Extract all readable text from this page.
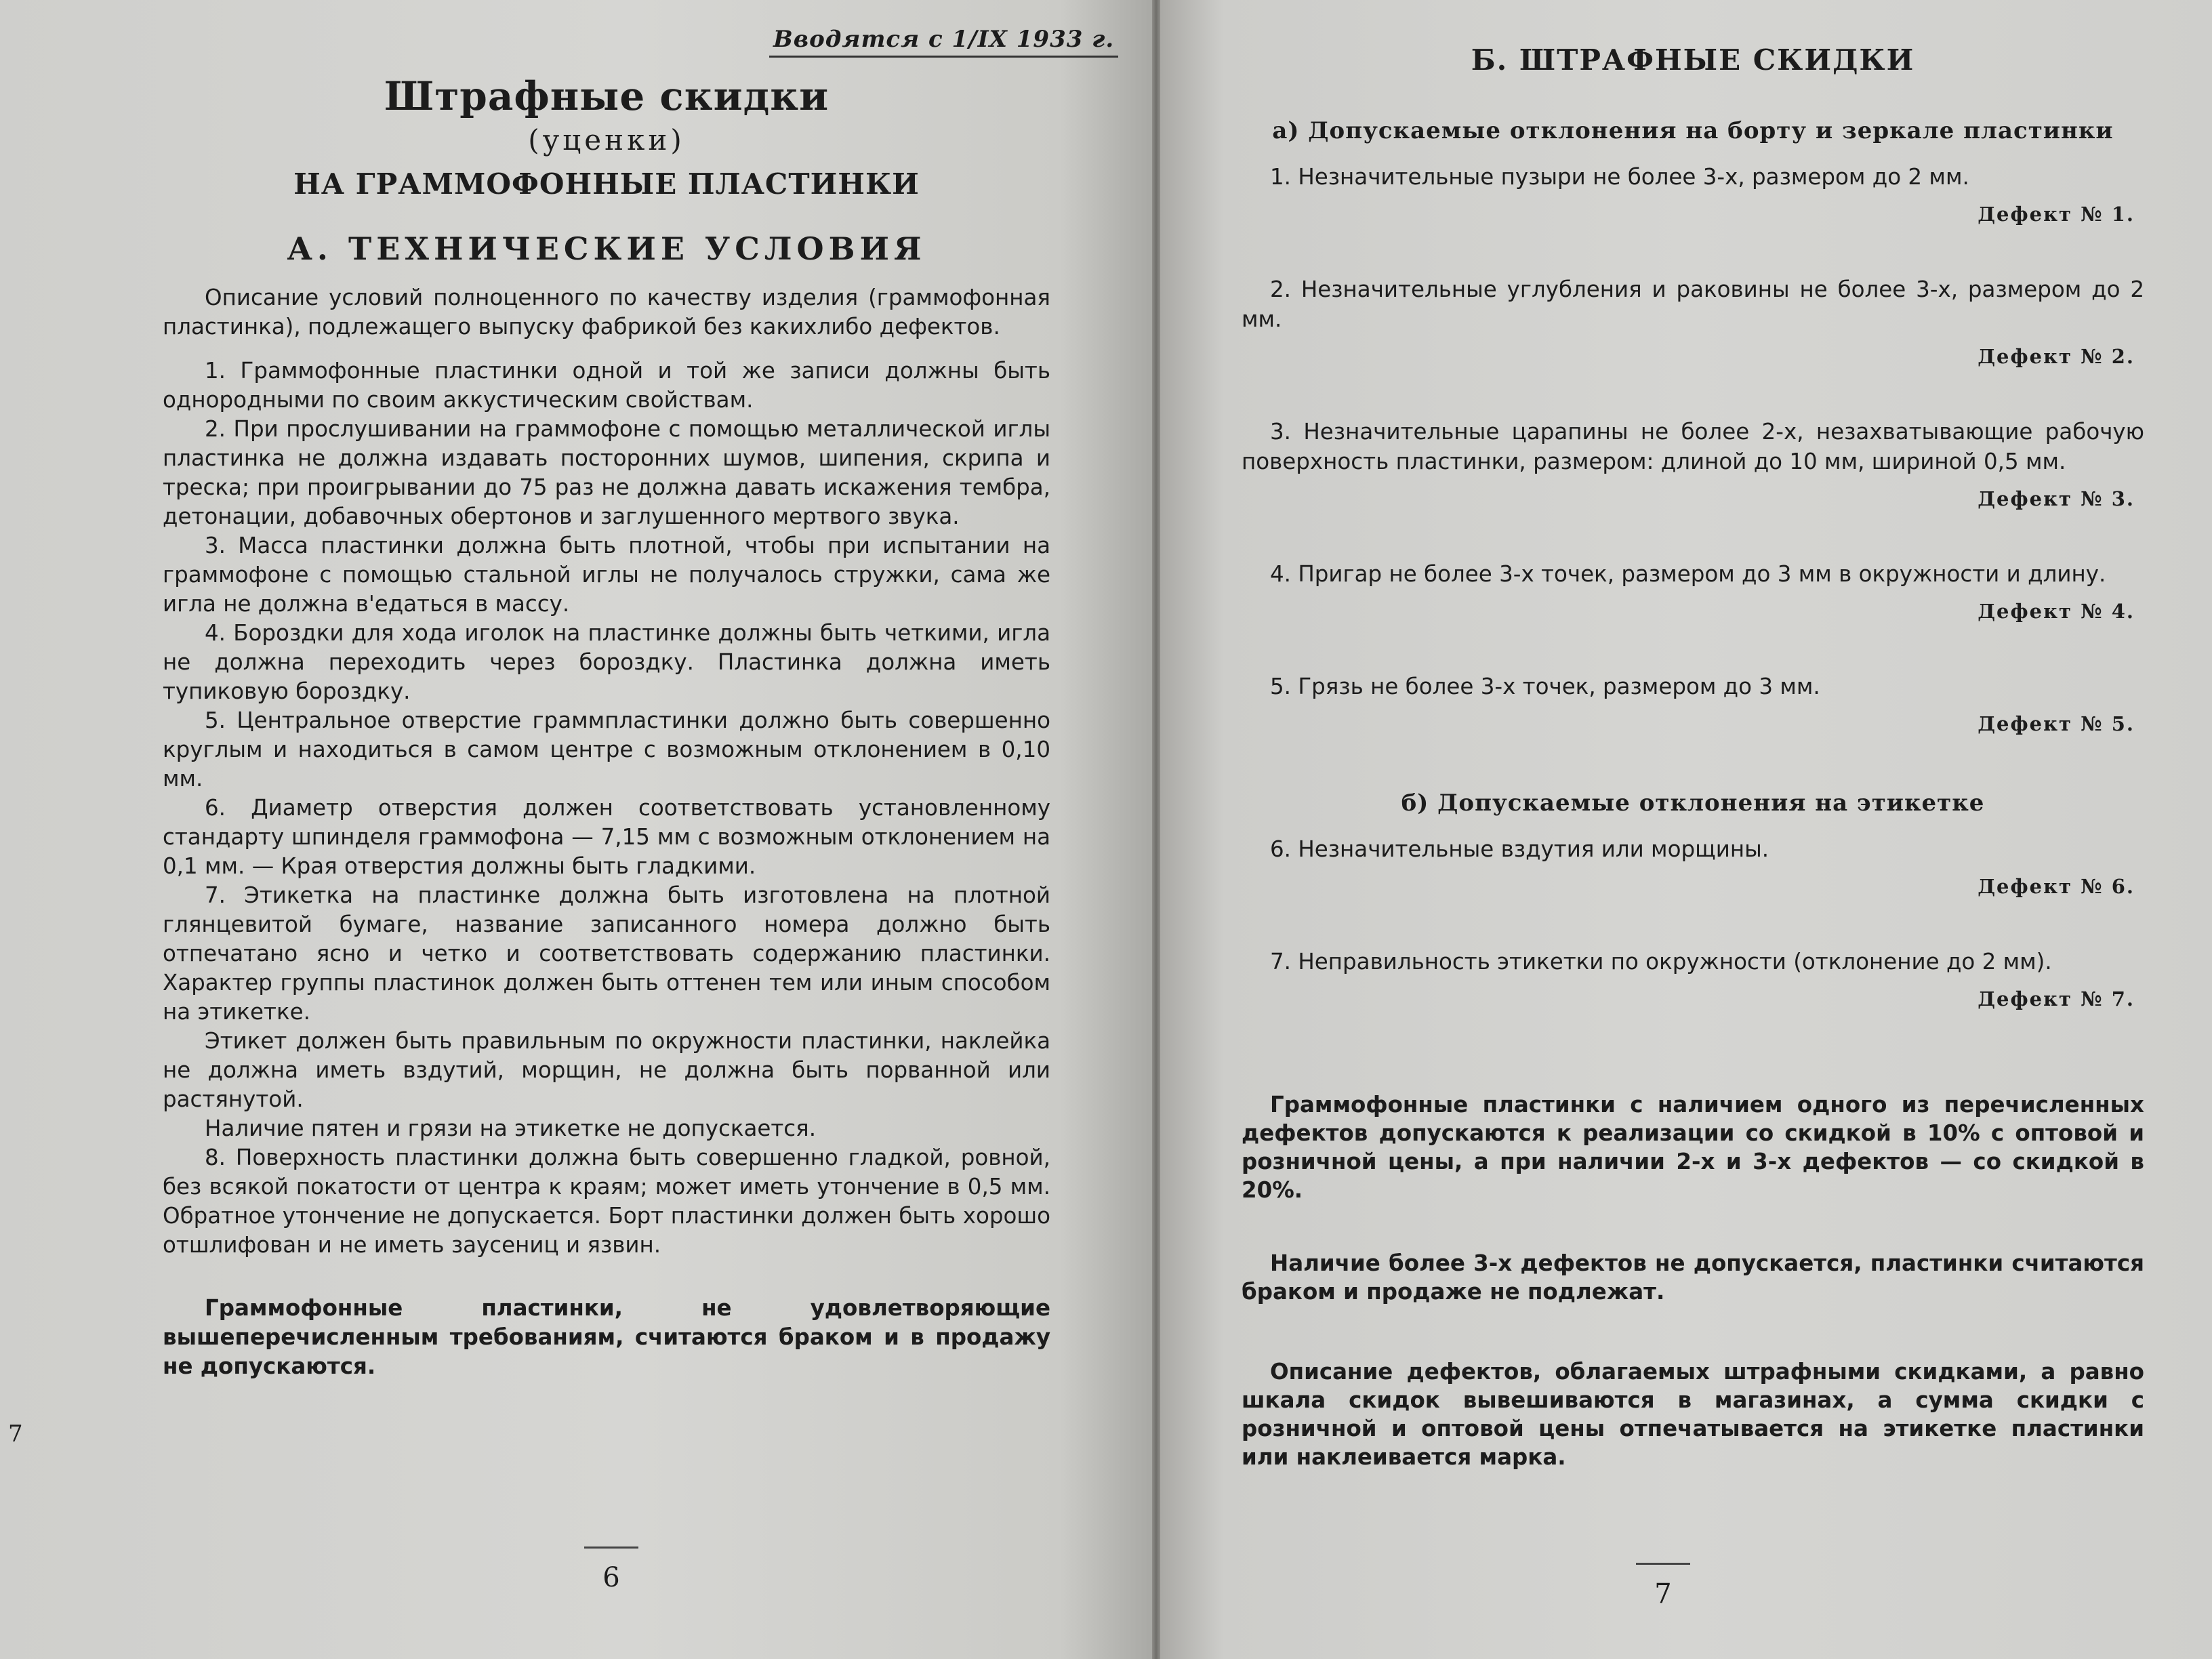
Вводятся с 1/IX 1933 г.
Штрафные скидки
(уценки)
НА ГРАММОФОННЫЕ ПЛАСТИНКИ
А. ТЕХНИЧЕСКИЕ УСЛОВИЯ

Описание условий полноценного по качеству изделия (граммофонная пластинка), подлежащего выпуску фабрикой без какихлибо дефектов.

1. Граммофонные пластинки одной и той же записи должны быть однородными по своим аккустическим свойствам.

2. При прослушивании на граммофоне с помощью металлической иглы пластинка не должна издавать посторонних шумов, шипения, скрипа и треска; при проигрывании до 75 раз не должна давать искажения тембра, детонации, добавочных обертонов и заглушенного мертвого звука.

3. Масса пластинки должна быть плотной, чтобы при испытании на граммофоне с помощью стальной иглы не получалось стружки, сама же игла не должна в'едаться в массу.

4. Бороздки для хода иголок на пластинке должны быть четкими, игла не должна переходить через бороздку. Пластинка должна иметь тупиковую бороздку.

5. Центральное отверстие граммпластинки должно быть совершенно круглым и находиться в самом центре с возможным отклонением в 0,10 мм.

6. Диаметр отверстия должен соответствовать установленному стандарту шпинделя граммофона — 7,15 мм с возможным отклонением на 0,1 мм. — Края отверстия должны быть гладкими.

7. Этикетка на пластинке должна быть изготовлена на плотной глянцевитой бумаге, название записанного номера должно быть отпечатано ясно и четко и соответствовать содержанию пластинки. Характер группы пластинок должен быть оттенен тем или иным способом на этикетке.

Этикет должен быть правильным по окружности пластинки, наклейка не должна иметь вздутий, морщин, не должна быть порванной или растянутой.

Наличие пятен и грязи на этикетке не допускается.

8. Поверхность пластинки должна быть совершенно гладкой, ровной, без всякой покатости от центра к краям; может иметь утончение в 0,5 мм. Обратное утончение не допускается. Борт пластинки должен быть хорошо отшлифован и не иметь заусениц и язвин.

Граммофонные пластинки, не удовлетворяющие вышеперечисленным требованиям, считаются браком и в продажу не допускаются.

6
7
Б. ШТРАФНЫЕ СКИДКИ
а) Допускаемые отклонения на борту и зеркале пластинки

1. Незначительные пузыри не более 3-х, размером до 2 мм.

Дефект № 1.

2. Незначительные углубления и раковины не более 3-х, размером до 2 мм.

Дефект № 2.

3. Незначительные царапины не более 2-х, незахватывающие рабочую поверхность пластинки, размером: длиной до 10 мм, шириной 0,5 мм.

Дефект № 3.

4. Пригар не более 3-х точек, размером до 3 мм в окружности и длину.

Дефект № 4.

5. Грязь не более 3-х точек, размером до 3 мм.

Дефект № 5.

б) Допускаемые отклонения на этикетке

6. Незначительные вздутия или морщины.

Дефект № 6.

7. Неправильность этикетки по окружности (отклонение до 2 мм).

Дефект № 7.

Граммофонные пластинки с наличием одного из перечисленных дефектов допускаются к реализации со скидкой в 10% с оптовой и розничной цены, а при наличии 2-х и 3-х дефектов — со скидкой в 20%.

Наличие более 3-х дефектов не допускается, пластинки считаются браком и продаже не подлежат.

Описание дефектов, облагаемых штрафными скидками, а равно шкала скидок вывешиваются в магазинах, а сумма скидки с розничной и оптовой цены отпечатывается на этикетке пластинки или наклеивается марка.

7
